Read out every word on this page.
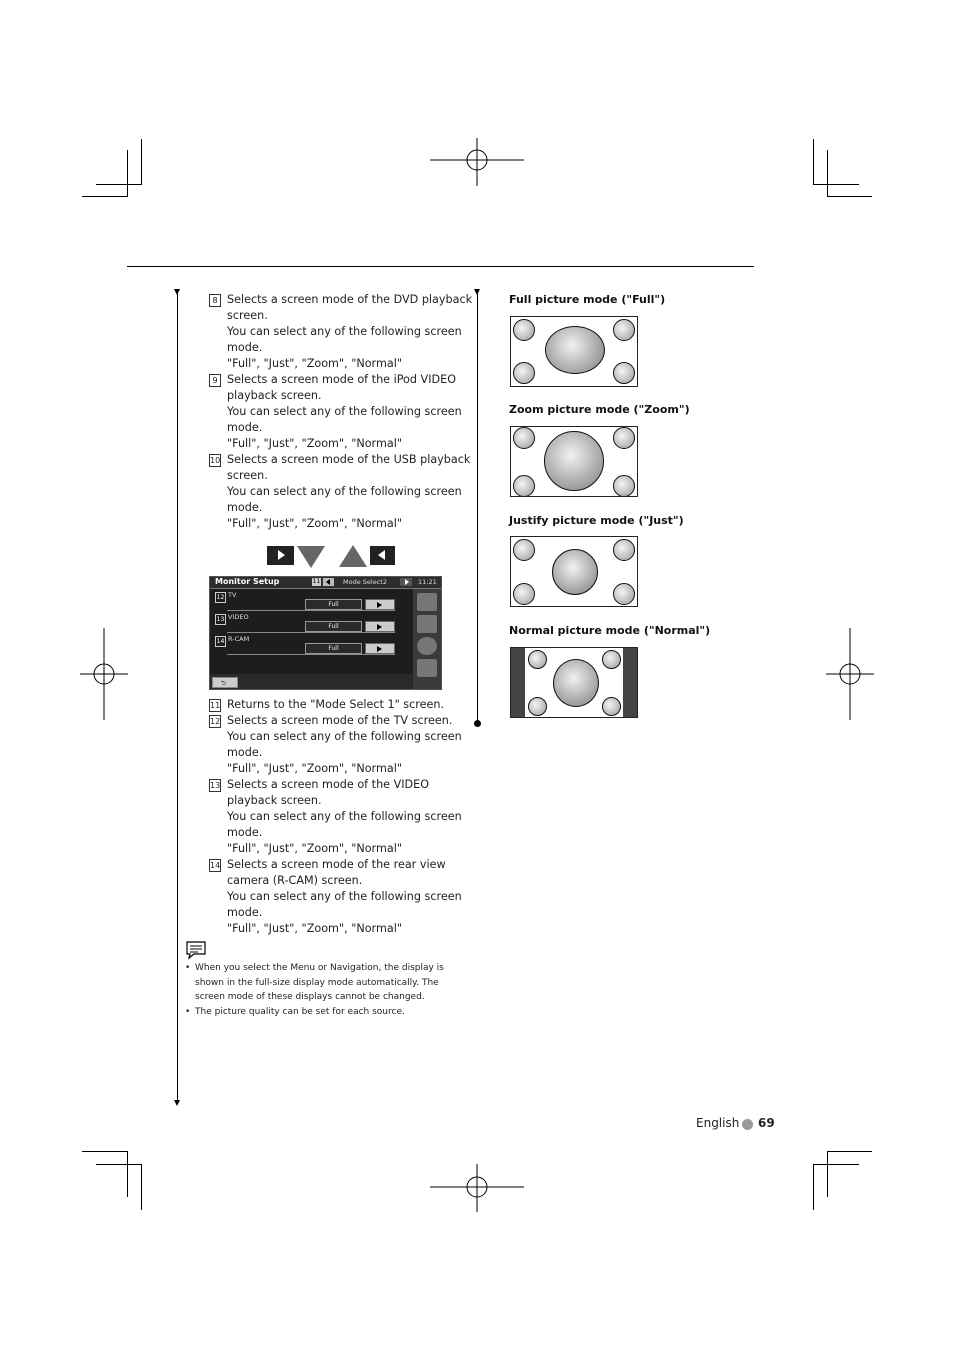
8 Selects a screen mode of the DVD playback
screen.
You can select any of the following screen
mode.
"Full", "Just", "Zoom", "Normal"
9 Selects a screen mode of the iPod VIDEO
playback screen.
You can select any of the following screen
mode.
"Full", "Just", "Zoom", "Normal"
10 Selects a screen mode of the USB playback
screen.
You can select any of the following screen
mode.
"Full", "Just", "Zoom", "Normal"
Monitor Setup	11	Mode Select2	11:21
12 TV
Full
13 VIDEO
Full
14 R-CAM
Full
⮌
11 Returns to the "Mode Select 1" screen.
12 Selects a screen mode of the TV screen.
You can select any of the following screen
mode.
"Full", "Just", "Zoom", "Normal"
13 Selects a screen mode of the VIDEO
playback screen.
You can select any of the following screen
mode.
"Full", "Just", "Zoom", "Normal"
14 Selects a screen mode of the rear view
camera (R-CAM) screen.
You can select any of the following screen
mode.
"Full", "Just", "Zoom", "Normal"
• When you select the Menu or Navigation, the display is
shown in the full-size display mode automatically. The
screen mode of these displays cannot be changed.
• The picture quality can be set for each source.
Full picture mode ("Full")
Zoom picture mode ("Zoom")
Justify picture mode ("Just")
Normal picture mode ("Normal")
English 69
